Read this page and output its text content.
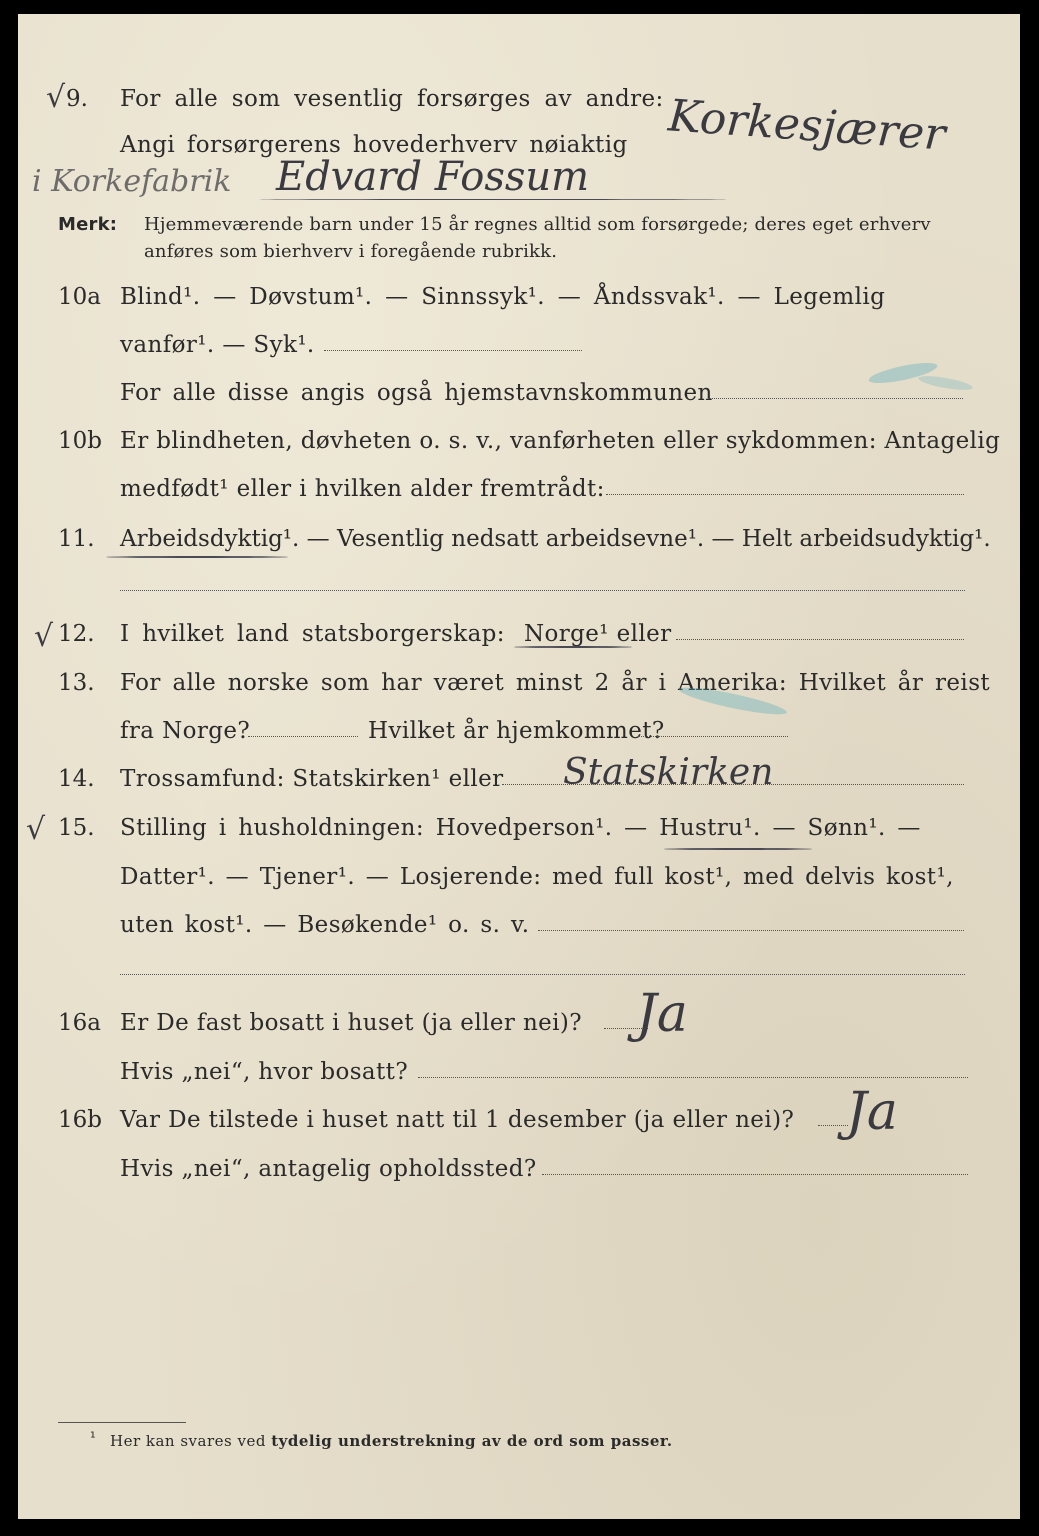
√ 9. For alle som vesentlig forsørges av andre:
Angi forsørgerens hovederhverv nøiaktig Korkesjærer
i Korkefabrik Edvard Fossum
Merk: Hjemmeværende barn under 15 år regnes alltid som forsørgede; deres eget erhverv
anføres som bierhverv i foregående rubrikk.
10a Blind¹. — Døvstum¹. — Sinnssyk¹. — Åndssvak¹. — Legemlig
vanfør¹. — Syk¹.
For alle disse angis også hjemstavnskommunen
10b Er blindheten, døvheten o. s. v., vanførheten eller sykdommen: Antagelig
medfødt¹ eller i hvilken alder fremtrådt:
11. Arbeidsdyktig¹. — Vesentlig nedsatt arbeidsevne¹. — Helt arbeidsudyktig¹.
√ 12. I hvilket land statsborgerskap: Norge¹ eller
13. For alle norske som har været minst 2 år i Amerika: Hvilket år reist
fra Norge?	Hvilket år hjemkommet?
14. Trossamfund: Statskirken¹ eller Statskirken
√ 15. Stilling i husholdningen: Hovedperson¹. — Hustru¹. — Sønn¹. —
Datter¹. — Tjener¹. — Losjerende: med full kost¹, med delvis kost¹,
uten kost¹. — Besøkende¹ o. s. v.
16a Er De fast bosatt i huset (ja eller nei)? Ja
Hvis „nei“, hvor bosatt?
16b Var De tilstede i huset natt til 1 desember (ja eller nei)? Ja
Hvis „nei“, antagelig opholdssted?
¹ Her kan svares ved tydelig understrekning av de ord som passer.
